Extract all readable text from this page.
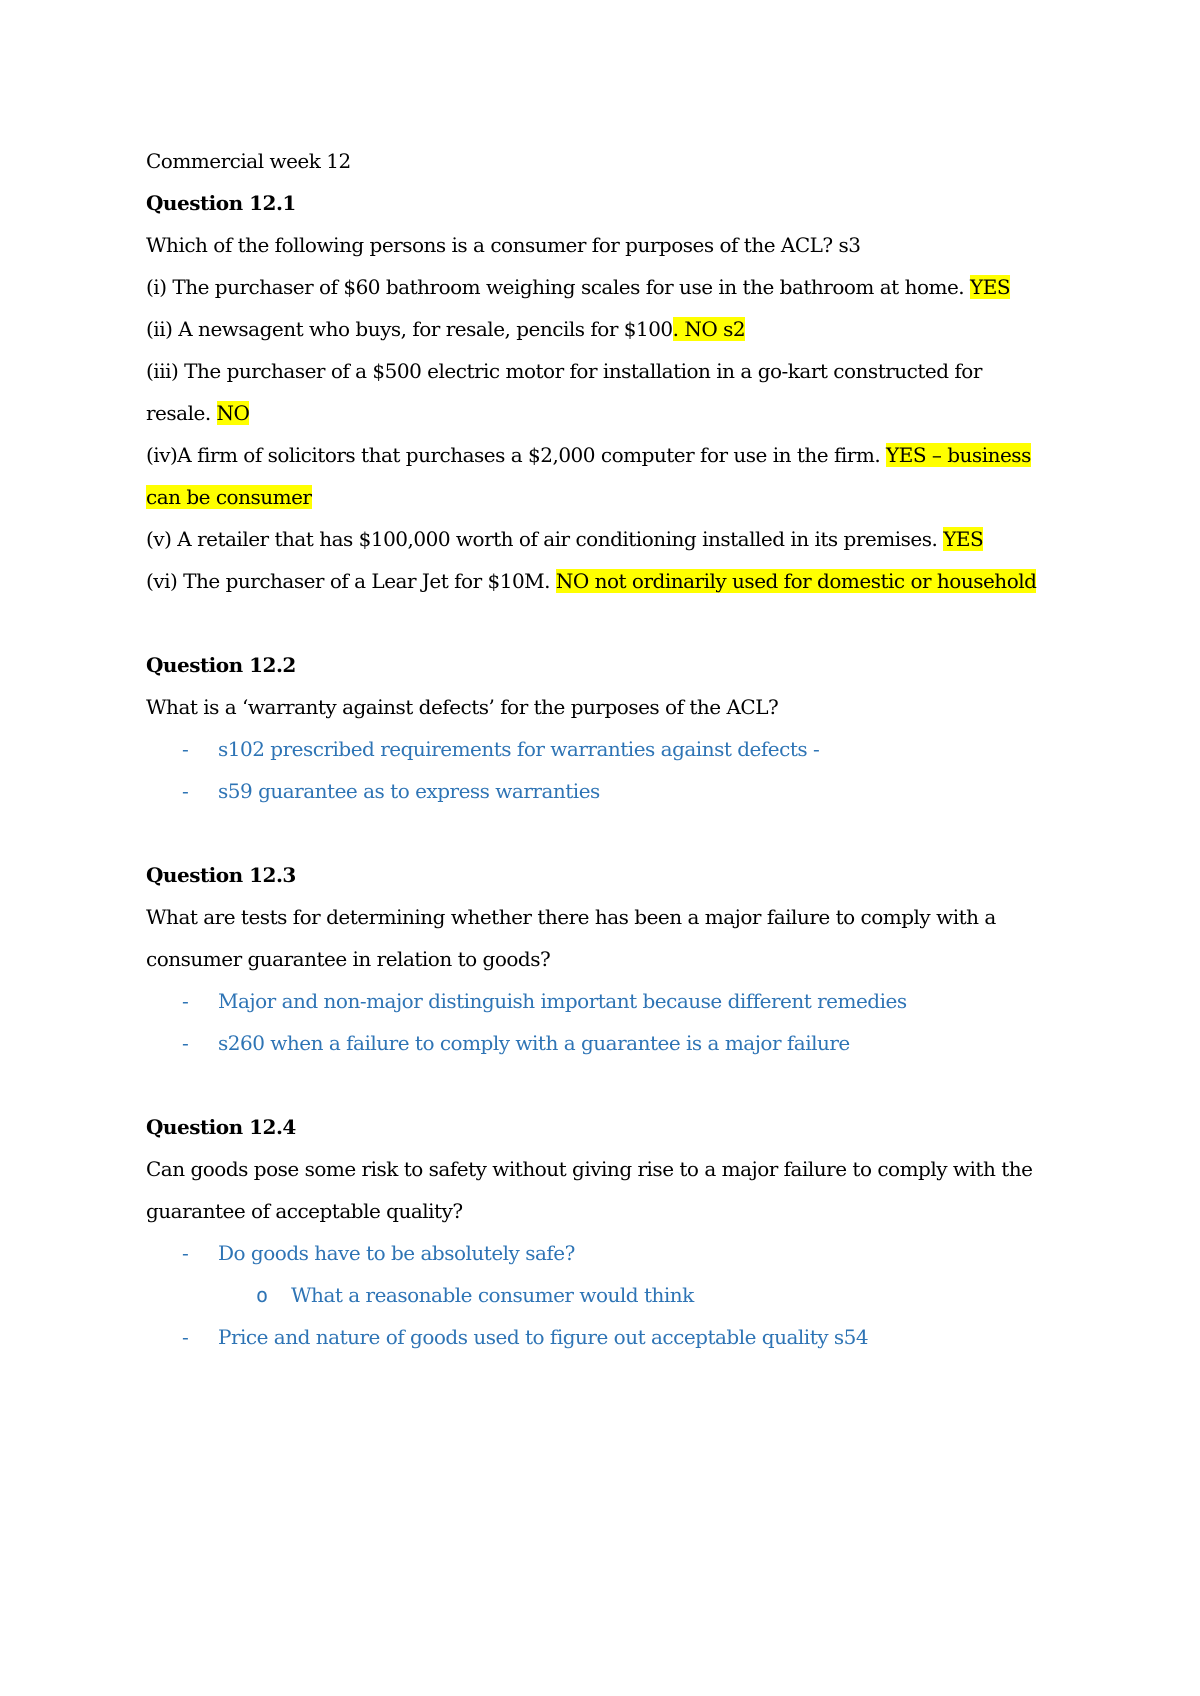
Commercial week 12
Question 12.1
Which of the following persons is a consumer for purposes of the ACL? s3
(i) The purchaser of $60 bathroom weighing scales for use in the bathroom at home. YES
(ii) A newsagent who buys, for resale, pencils for $100. NO s2
(iii) The purchaser of a $500 electric motor for installation in a go-kart constructed for
resale. NO
(iv)A firm of solicitors that purchases a $2,000 computer for use in the firm. YES – business
can be consumer
(v) A retailer that has $100,000 worth of air conditioning installed in its premises. YES
(vi) The purchaser of a Lear Jet for $10M. NO not ordinarily used for domestic or household
Question 12.2
What is a ‘warranty against defects’ for the purposes of the ACL?
- s102 prescribed requirements for warranties against defects -
- s59 guarantee as to express warranties
Question 12.3
What are tests for determining whether there has been a major failure to comply with a
consumer guarantee in relation to goods?
- Major and non-major distinguish important because different remedies
- s260 when a failure to comply with a guarantee is a major failure
Question 12.4
Can goods pose some risk to safety without giving rise to a major failure to comply with the
guarantee of acceptable quality?
- Do goods have to be absolutely safe?
o What a reasonable consumer would think
- Price and nature of goods used to figure out acceptable quality s54
